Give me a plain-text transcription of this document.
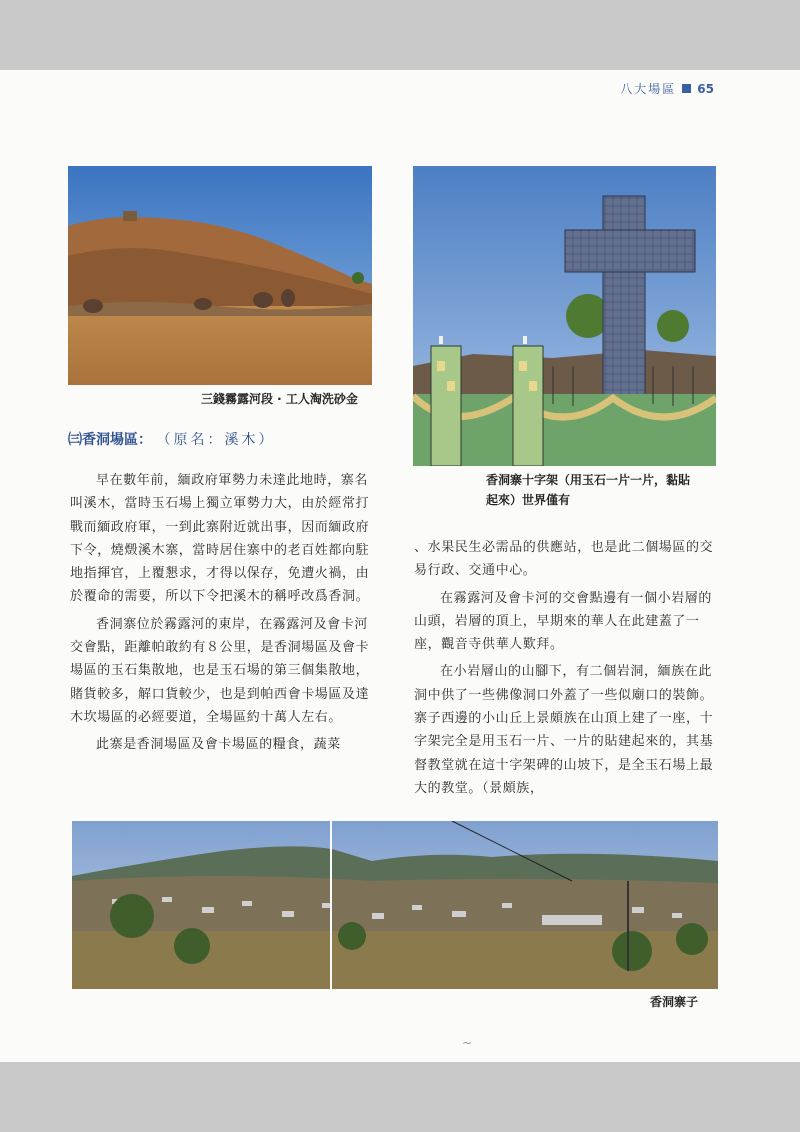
八大場區 65
三錢霧露河段 · 工人淘洗砂金
香洞寨十字架（用玉石一片一片，黏貼
起來）世界僅有
㈢香洞場區： （原名：溪木）

早在數年前，緬政府軍勢力未達此地時，寨名叫溪木，當時玉石場上獨立軍勢力大，由於經常打戰而緬政府軍，一到此寨附近就出事，因而緬政府下令，燒燬溪木寨，當時居住寨中的老百姓都向駐地指揮官，上覆懇求，才得以保存，免遭火禍，由於覆命的需要，所以下令把溪木的稱呼改爲香洞。

香洞寨位於霧露河的東岸，在霧露河及會卡河交會點，距離帕敢約有８公里，是香洞場區及會卡場區的玉石集散地，也是玉石場的第三個集散地，賭貨較多，解口貨較少，也是到帕西會卡場區及達木坎場區的必經要道，全場區約十萬人左右。

此寨是香洞場區及會卡場區的糧食，蔬菜

、水果民生必需品的供應站，也是此二個場區的交易行政、交通中心。

在霧露河及會卡河的交會點邊有一個小岩層的山頭，岩層的頂上，早期來的華人在此建蓋了一座，觀音寺供華人歎拜。

在小岩層山的山腳下，有二個岩洞，緬族在此洞中供了一些佛像洞口外蓋了一些似廟口的裝飾。寨子西邊的小山丘上景頗族在山頂上建了一座，十字架完全是用玉石一片、一片的貼建起來的，其基督教堂就在這十字架碑的山坡下，是全玉石場上最大的教堂。（景頗族，

香洞寨子
~
